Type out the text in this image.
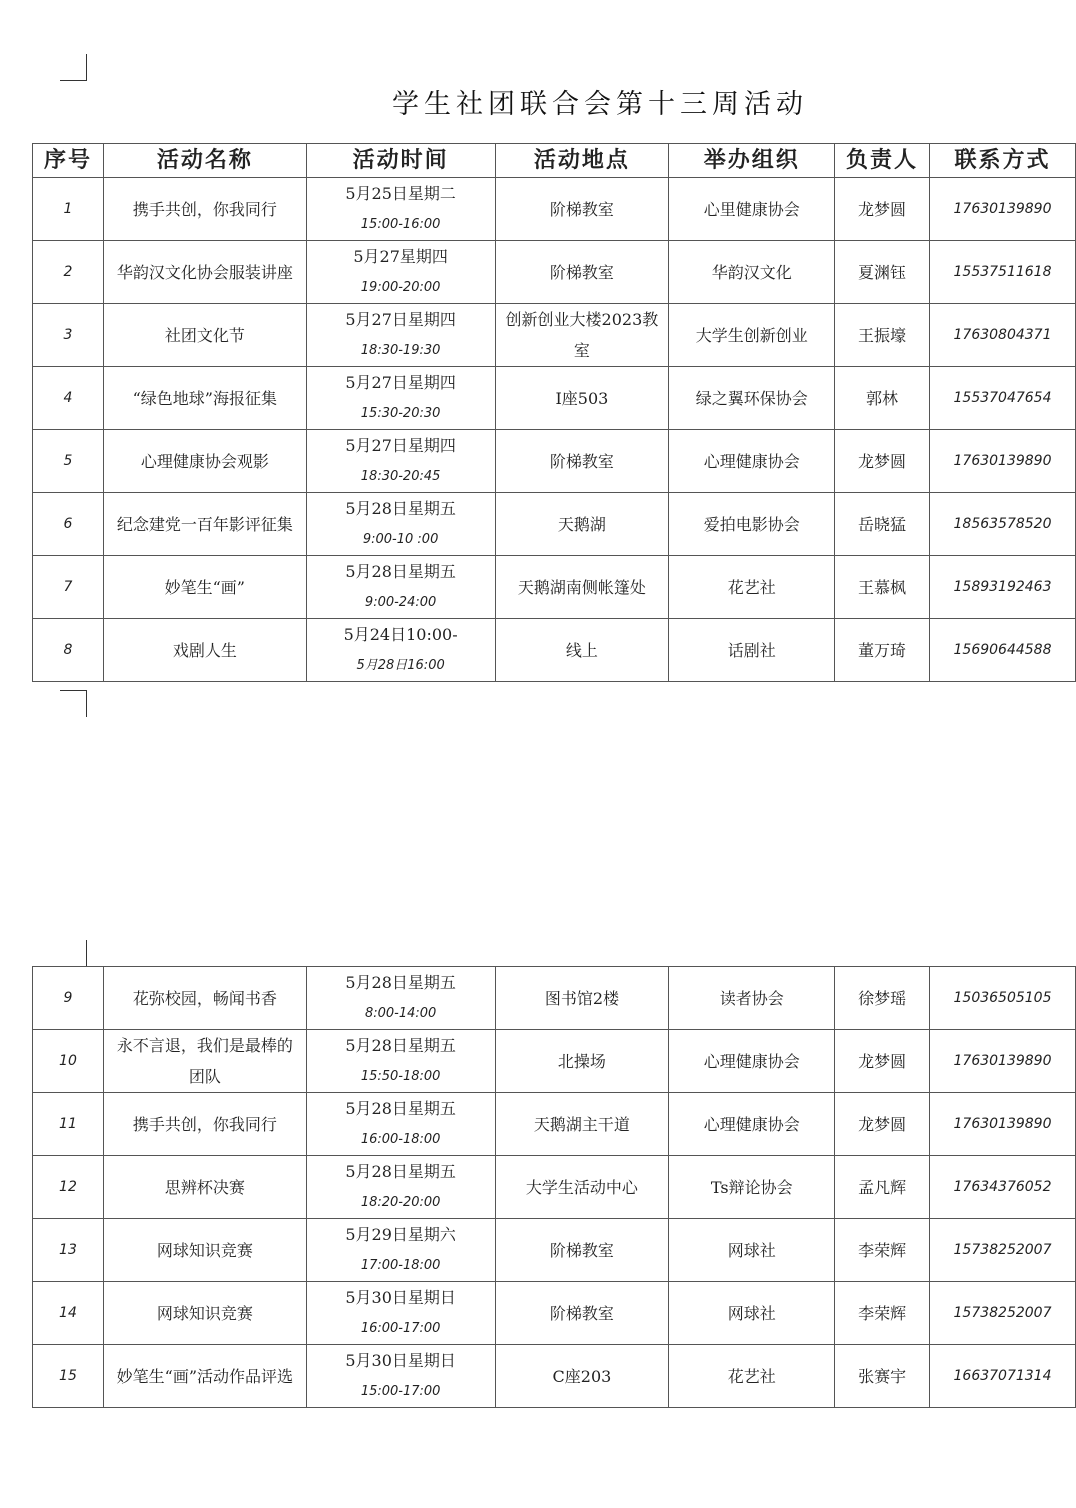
学生社团联合会第十三周活动
序号	活动名称	活动时间	活动地点	举办组织	负责人	联系方式
1	携手共创，你我同行	5月25日星期二
15:00-16:00	阶梯教室	心里健康协会	龙梦圆	17630139890
2	华韵汉文化协会服装讲座	5月27星期四
19:00-20:00	阶梯教室	华韵汉文化	夏渊钰	15537511618
3	社团文化节	5月27日星期四
18:30-19:30	创新创业大楼2023教室	大学生创新创业	王振壕	17630804371
4	“绿色地球”海报征集	5月27日星期四
15:30-20:30	I座503	绿之翼环保协会	郭林	15537047654
5	心理健康协会观影	5月27日星期四
18:30-20:45	阶梯教室	心理健康协会	龙梦圆	17630139890
6	纪念建党一百年影评征集	5月28日星期五
9:00-10 :00	天鹅湖	爱拍电影协会	岳晓猛	18563578520
7	妙笔生“画”	5月28日星期五
9:00-24:00	天鹅湖南侧帐篷处	花艺社	王慕枫	15893192463
8	戏剧人生	5月24日10:00-
5月28日16:00	线上	话剧社	董万琦	15690644588
9	花弥校园，畅闻书香	5月28日星期五
8:00-14:00	图书馆2楼	读者协会	徐梦瑶	15036505105
10	永不言退，我们是最棒的团队	5月28日星期五
15:50-18:00	北操场	心理健康协会	龙梦圆	17630139890
11	携手共创，你我同行	5月28日星期五
16:00-18:00	天鹅湖主干道	心理健康协会	龙梦圆	17630139890
12	思辨杯决赛	5月28日星期五
18:20-20:00	大学生活动中心	Ts辩论协会	孟凡辉	17634376052
13	网球知识竞赛	5月29日星期六
17:00-18:00	阶梯教室	网球社	李荣辉	15738252007
14	网球知识竞赛	5月30日星期日
16:00-17:00	阶梯教室	网球社	李荣辉	15738252007
15	妙笔生“画”活动作品评选	5月30日星期日
15:00-17:00	C座203	花艺社	张赛宇	16637071314
